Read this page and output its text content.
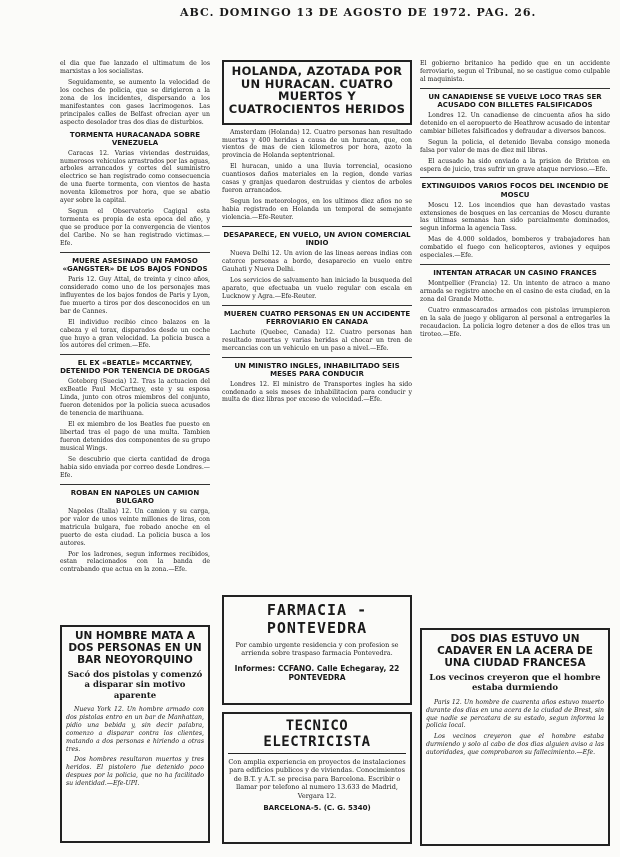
ABC. DOMINGO 13 DE AGOSTO DE 1972. PAG. 26.

el dia que fue lanzado el ultimatum de los marxistas a los socialistas.

Seguidamente, se aumento la velocidad de los coches de policia, que se dirigieron a la zona de los incidentes, dispersando a los manifestantes con gases lacrimogenos. Las principales calles de Belfast ofrecian ayer un aspecto desolador tras dos dias de disturbios.

TORMENTA HURACANADA SOBRE VENEZUELA

Caracas 12. Varias viviendas destruidas, numerosos vehiculos arrastrados por las aguas, arboles arrancados y cortes del suministro electrico se han registrado como consecuencia de una fuerte tormenta, con vientos de hasta noventa kilometros por hora, que se abatio ayer sobre la capital.

Segun el Observatorio Cagigal esta tormenta es propia de esta epoca del año, y que se produce por la convergencia de vientos del Caribe. No se han registrado victimas.—Efe.

MUERE ASESINADO UN FAMOSO «GANGSTER» DE LOS BAJOS FONDOS

Paris 12. Guy Attal, de treinta y cinco años, considerado como uno de los personajes mas influyentes de los bajos fondos de Paris y Lyon, fue muerto a tiros por dos desconocidos en un bar de Cannes.

El individuo recibio cinco balazos en la cabeza y el torax, disparados desde un coche que huyo a gran velocidad. La policia busca a los autores del crimen.—Efe.

EL EX «BEATLE» MCCARTNEY, DETENIDO POR TENENCIA DE DROGAS

Goteborg (Suecia) 12. Tras la actuacion del exBeatle Paul McCartney, este y su esposa Linda, junto con otros miembros del conjunto, fueron detenidos por la policia sueca acusados de tenencia de marihuana.

El ex miembro de los Beatles fue puesto en libertad tras el pago de una multa. Tambien fueron detenidos dos componentes de su grupo musical Wings.

Se descubrio que cierta cantidad de droga habia sido enviada por correo desde Londres.—Efe.

ROBAN EN NAPOLES UN CAMION BULGARO

Napoles (Italia) 12. Un camion y su carga, por valor de unos veinte millones de liras, con matricula bulgara, fue robado anoche en el puerto de esta ciudad. La policia busca a los autores.

Por los ladrones, segun informes recibidos, estan relacionados con la banda de contrabando que actua en la zona.—Efe.

UN HOMBRE MATA A DOS PERSONAS EN UN BAR NEOYORQUINO
Sacó dos pistolas y comenzó a disparar sin motivo aparente

Nueva York 12. Un hombre armado con dos pistolas entro en un bar de Manhattan, pidio una bebida y, sin decir palabra, comenzo a disparar contra los clientes, matando a dos personas e hiriendo a otras tres.

Dos hombres resultaron muertos y tres heridos. El pistolero fue detenido poco despues por la policia, que no ha facilitado su identidad.—Efe-UPI.

HOLANDA, AZOTADA POR UN HURACAN. CUATRO MUERTOS Y CUATROCIENTOS HERIDOS

Amsterdam (Holanda) 12. Cuatro personas han resultado muertas y 400 heridas a causa de un huracan, que, con vientos de mas de cien kilometros por hora, azoto la provincia de Holanda septentrional.

El huracan, unido a una lluvia torrencial, ocasiono cuantiosos daños materiales en la region, donde varias casas y granjas quedaron destruidas y cientos de arboles fueron arrancados.

Segun los meteorologos, en los ultimos diez años no se habia registrado en Holanda un temporal de semejante violencia.—Efe-Reuter.

DESAPARECE, EN VUELO, UN AVION COMERCIAL INDIO

Nueva Delhi 12. Un avion de las lineas aereas indias con catorce personas a bordo, desaparecio en vuelo entre Gauhati y Nueva Delhi.

Los servicios de salvamento han iniciado la busqueda del aparato, que efectuaba un vuelo regular con escala en Lucknow y Agra.—Efe-Reuter.

MUEREN CUATRO PERSONAS EN UN ACCIDENTE FERROVIARIO EN CANADA

Lachute (Quebec, Canada) 12. Cuatro personas han resultado muertas y varias heridas al chocar un tren de mercancias con un vehiculo en un paso a nivel.—Efe.

UN MINISTRO INGLES, INHABILITADO SEIS MESES PARA CONDUCIR

Londres 12. El ministro de Transportes ingles ha sido condenado a seis meses de inhabilitacion para conducir y multa de diez libras por exceso de velocidad.—Efe.

FARMACIA - PONTEVEDRA
Por cambio urgente residencia y con profesion se arrienda sobre traspaso farmacia Pontevedra.
Informes: CCFANO. Calle Echegaray, 22 PONTEVEDRA
TECNICO ELECTRICISTA
Con amplia experiencia en proyectos de instalaciones para edificios publicos y de viviendas. Conocimientos de B.T. y A.T. se precisa para Barcelona. Escribir o llamar por telefono al numero 13.633 de Madrid, Vergara 12.
BARCELONA-5. (C. G. 5340)

El gobierno britanico ha pedido que en un accidente ferroviario, segun el Tribunal, no se castigue como culpable al maquinista.

UN CANADIENSE SE VUELVE LOCO TRAS SER ACUSADO CON BILLETES FALSIFICADOS

Londres 12. Un canadiense de cincuenta años ha sido detenido en el aeropuerto de Heathrow acusado de intentar cambiar billetes falsificados y defraudar a diversos bancos.

Segun la policia, el detenido llevaba consigo moneda falsa por valor de mas de diez mil libras.

El acusado ha sido enviado a la prision de Brixton en espera de juicio, tras sufrir un grave ataque nervioso.—Efe.

EXTINGUIDOS VARIOS FOCOS DEL INCENDIO DE MOSCU

Moscu 12. Los incendios que han devastado vastas extensiones de bosques en las cercanias de Moscu durante las ultimas semanas han sido parcialmente dominados, segun informa la agencia Tass.

Mas de 4.000 soldados, bomberos y trabajadores han combatido el fuego con helicopteros, aviones y equipos especiales.—Efe.

INTENTAN ATRACAR UN CASINO FRANCES

Montpellier (Francia) 12. Un intento de atraco a mano armada se registro anoche en el casino de esta ciudad, en la zona del Grande Motte.

Cuatro enmascarados armados con pistolas irrumpieron en la sala de juego y obligaron al personal a entregarles la recaudacion. La policia logro detener a dos de ellos tras un tiroteo.—Efe.

DOS DIAS ESTUVO UN CADAVER EN LA ACERA DE UNA CIUDAD FRANCESA
Los vecinos creyeron que el hombre estaba durmiendo

Paris 12. Un hombre de cuarenta años estuvo muerto durante dos dias en una acera de la ciudad de Brest, sin que nadie se percatara de su estado, segun informa la policia local.

Los vecinos creyeron que el hombre estaba durmiendo y solo al cabo de dos dias alguien aviso a las autoridades, que comprobaron su fallecimiento.—Efe.
